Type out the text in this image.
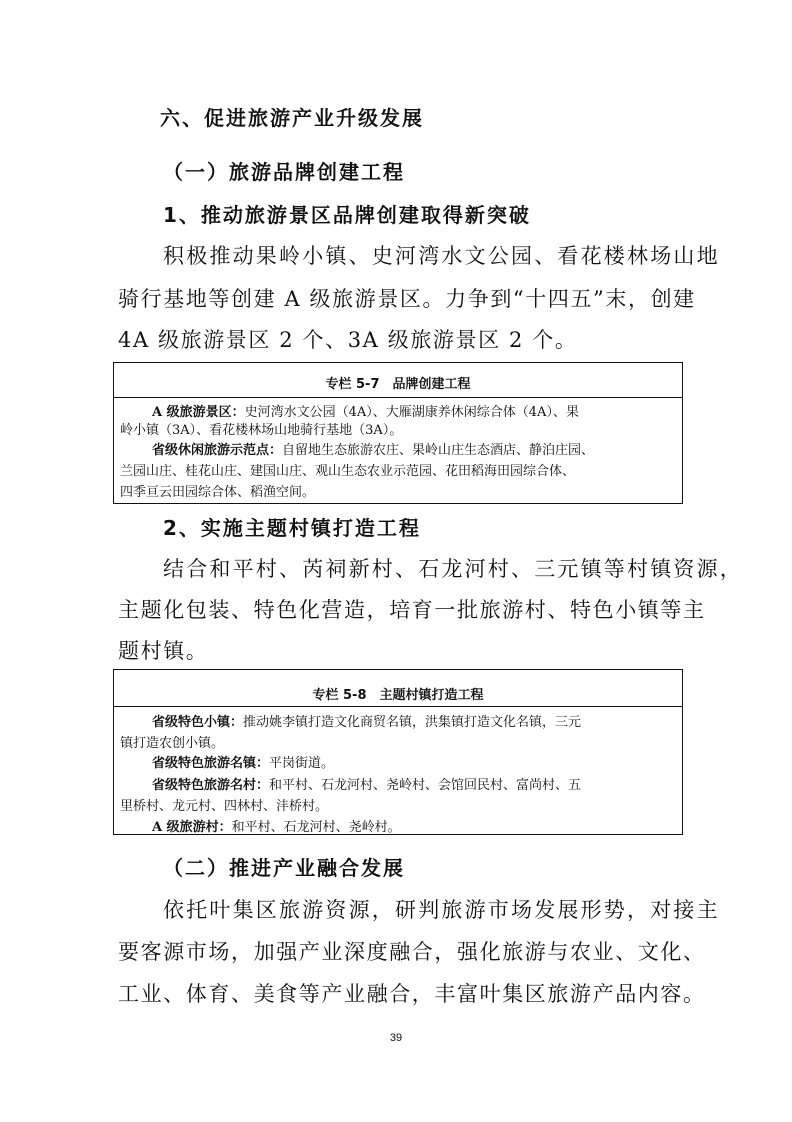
六、促进旅游产业升级发展
（一）旅游品牌创建工程
1、推动旅游景区品牌创建取得新突破
积极推动果岭小镇、史河湾水文公园、看花楼林场山地
骑行基地等创建 A 级旅游景区。力争到“十四五”末，创建
4A 级旅游景区 2 个、3A 级旅游景区 2 个。
专栏 5-7　品牌创建工程
A 级旅游景区：史河湾水文公园（4A）、大雁湖康养休闲综合体（4A）、果
岭小镇（3A）、看花楼林场山地骑行基地（3A）。
省级休闲旅游示范点：自留地生态旅游农庄、果岭山庄生态酒店、静泊庄园、
兰园山庄、桂花山庄、建国山庄、观山生态农业示范园、花田稻海田园综合体、
四季亘云田园综合体、稻渔空间。
2、实施主题村镇打造工程
结合和平村、芮祠新村、石龙河村、三元镇等村镇资源，
主题化包装、特色化营造，培育一批旅游村、特色小镇等主
题村镇。
专栏 5-8　主题村镇打造工程
省级特色小镇：推动姚李镇打造文化商贸名镇，洪集镇打造文化名镇，三元
镇打造农创小镇。
省级特色旅游名镇：平岗街道。
省级特色旅游名村：和平村、石龙河村、尧岭村、会馆回民村、富尚村、五
里桥村、龙元村、四林村、沣桥村。
A 级旅游村：和平村、石龙河村、尧岭村。
（二）推进产业融合发展
依托叶集区旅游资源，研判旅游市场发展形势，对接主
要客源市场，加强产业深度融合，强化旅游与农业、文化、
工业、体育、美食等产业融合，丰富叶集区旅游产品内容。
39
